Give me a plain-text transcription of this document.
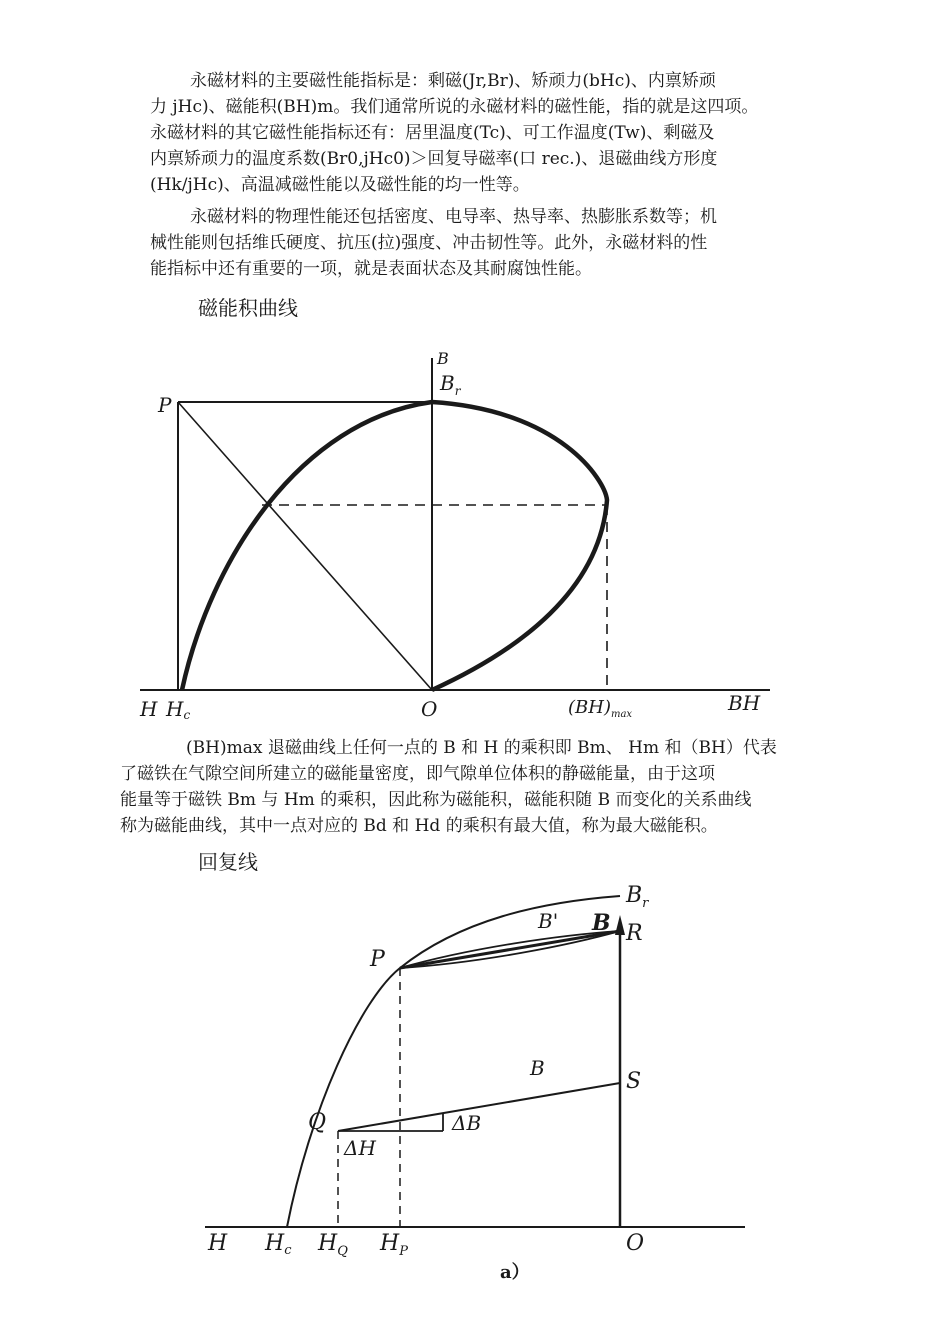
永磁材料的主要磁性能指标是：剩磁(Jr,Br)、矫顽力(bHc)、内禀矫顽
力 jHc)、磁能积(BH)m。我们通常所说的永磁材料的磁性能，指的就是这四项。
永磁材料的其它磁性能指标还有：居里温度(Tc)、可工作温度(Tw)、剩磁及
内禀矫顽力的温度系数(Br0,jHc0)＞回复导磁率(口 rec.)、退磁曲线方形度
(Hk/jHc)、高温减磁性能以及磁性能的均一性等。

永磁材料的物理性能还包括密度、电导率、热导率、热膨胀系数等；机
械性能则包括维氏硬度、抗压(拉)强度、冲击韧性等。此外，永磁材料的性
能指标中还有重要的一项，就是表面状态及其耐腐蚀性能。

磁能积曲线
B
$B_r$
P
H Hc	O	$(BH)_{max}$	BH

(BH)max 退磁曲线上任何一点的 B 和 H 的乘积即 Bm、 Hm 和（BH）代表
了磁铁在气隙空间所建立的磁能量密度，即气隙单位体积的静磁能量，由于这项
能量等于磁铁 Bm 与 Hm 的乘积，因此称为磁能积，磁能积随 B 而变化的关系曲线
称为磁能曲线，其中一点对应的 Bd 和 Hd 的乘积有最大值，称为最大磁能积。

回复线
B
$B_r$
B'	R
P
B
S
Q	ΔB
ΔH
H Hc $H_Q$ $H_P$	O
a）
